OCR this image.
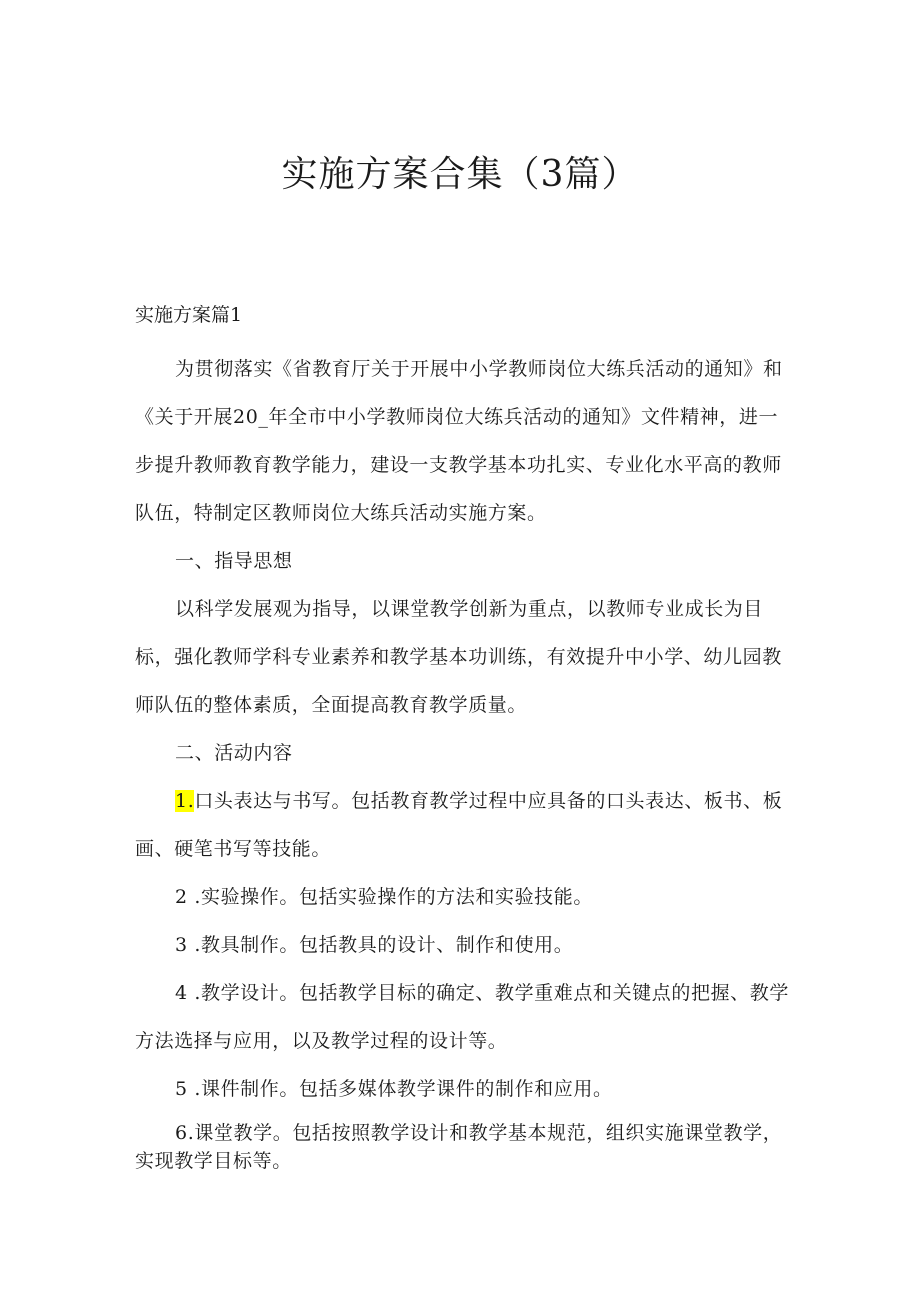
实施方案合集（3篇）
实施方案篇1

为贯彻落实《省教育厅关于开展中小学教师岗位大练兵活动的通知》和《关于开展20_年全市中小学教师岗位大练兵活动的通知》文件精神，进一步提升教师教育教学能力，建设一支教学基本功扎实、专业化水平高的教师队伍，特制定区教师岗位大练兵活动实施方案。

一、指导思想

以科学发展观为指导，以课堂教学创新为重点，以教师专业成长为目标，强化教师学科专业素养和教学基本功训练，有效提升中小学、幼儿园教师队伍的整体素质，全面提高教育教学质量。

二、活动内容

1.口头表达与书写。包括教育教学过程中应具备的口头表达、板书、板画、硬笔书写等技能。

2 .实验操作。包括实验操作的方法和实验技能。

3 .教具制作。包括教具的设计、制作和使用。

4 .教学设计。包括教学目标的确定、教学重难点和关键点的把握、教学方法选择与应用，以及教学过程的设计等。

5 .课件制作。包括多媒体教学课件的制作和应用。

6.课堂教学。包括按照教学设计和教学基本规范，组织实施课堂教学，实现教学目标等。
